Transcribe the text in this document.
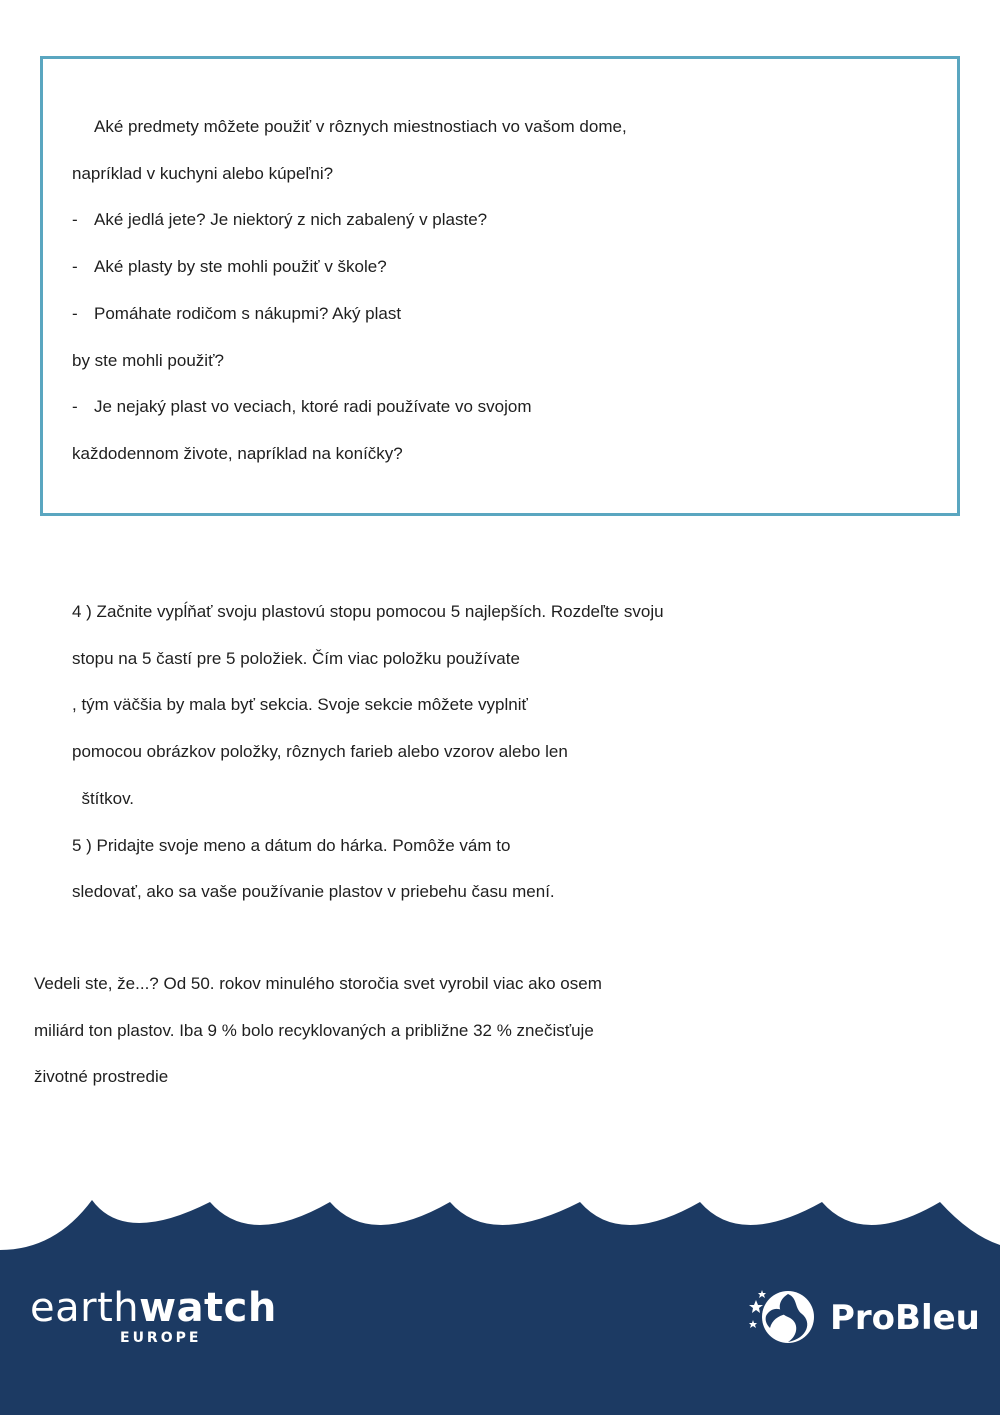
Aké predmety môžete použiť v rôznych miestnostiach vo vašom dome,
napríklad v kuchyni alebo kúpeľni?
- Aké jedlá jete? Je niektorý z nich zabalený v plaste?
- Aké plasty by ste mohli použiť v škole?
- Pomáhate rodičom s nákupmi? Aký plast
by ste mohli použiť?
- Je nejaký plast vo veciach, ktoré radi používate vo svojom
každodennom živote, napríklad na koníčky?
4 ) Začnite vypĺňať svoju plastovú stopu pomocou 5 najlepších. Rozdeľte svoju
stopu na 5 častí pre 5 položiek. Čím viac položku používate
, tým väčšia by mala byť sekcia. Svoje sekcie môžete vyplniť
pomocou obrázkov položky, rôznych farieb alebo vzorov alebo len
štítkov.
5 ) Pridajte svoje meno a dátum do hárka. Pomôže vám to
sledovať, ako sa vaše používanie plastov v priebehu času mení.
Vedeli ste, že...? Od 50. rokov minulého storočia svet vyrobil viac ako osem
miliárd ton plastov. Iba 9 % bolo recyklovaných a približne 32 % znečisťuje
životné prostredie
earthwatch
EUROPE	ProBleu
